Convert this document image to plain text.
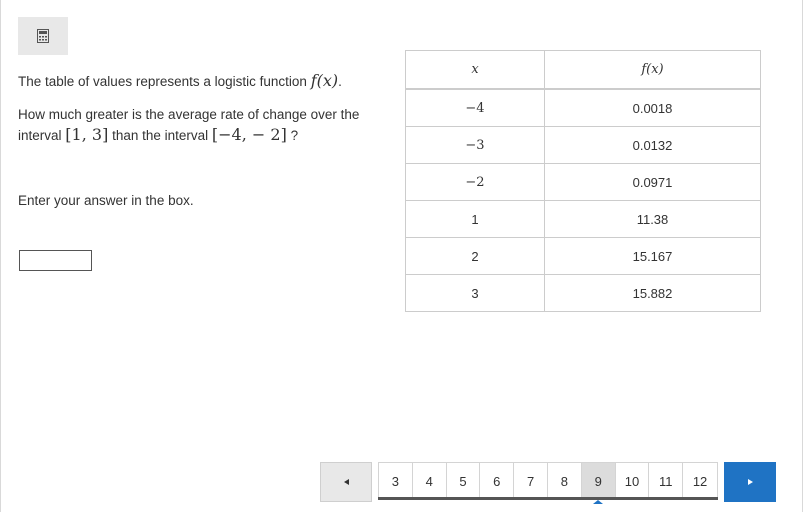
The table of values represents a logistic function f(x).
How much greater is the average rate of change over the interval [1, 3] than the interval [−4, − 2] ?
Enter your answer in the box.
x	f(x)
−4	0.0018
−3	0.0132
−2	0.0971
1	11.38
2	15.167
3	15.882
3	4	5	6	7	8	9	10	11	12
